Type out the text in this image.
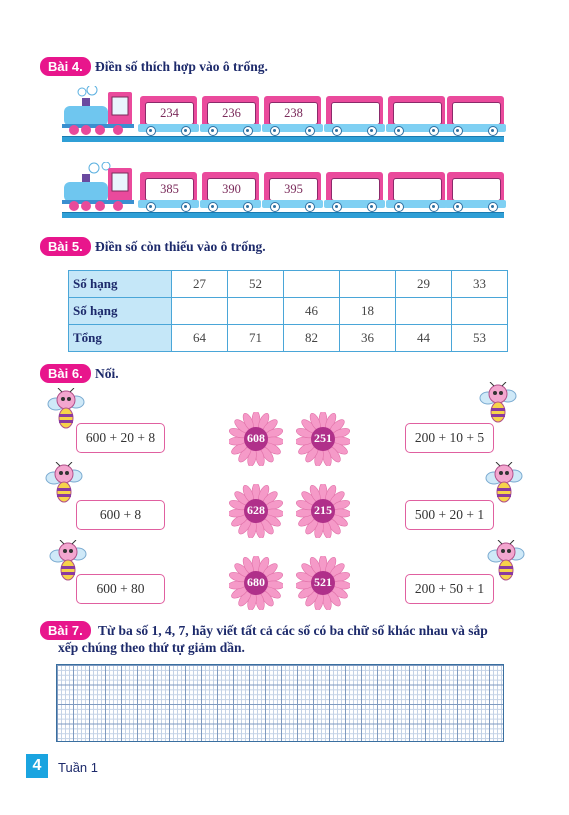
Bài 4. Điền số thích hợp vào ô trống.
234	236	238
385	390	395
Bài 5. Điền số còn thiếu vào ô trống.
Số hạng	27	52			29	33
Số hạng			46	18		
Tổng	64	71	82	36	44	53
Bài 6. Nối.
600 + 20 + 8
600 + 8
600 + 80
200 + 10 + 5
500 + 20 + 1
200 + 50 + 1
608	251
628	215
680	521
Bài 7.	Từ ba số 1, 4, 7, hãy viết tất cả các số có ba chữ số khác nhau và sắp
xếp chúng theo thứ tự giảm dần.
4	Tuần 1
